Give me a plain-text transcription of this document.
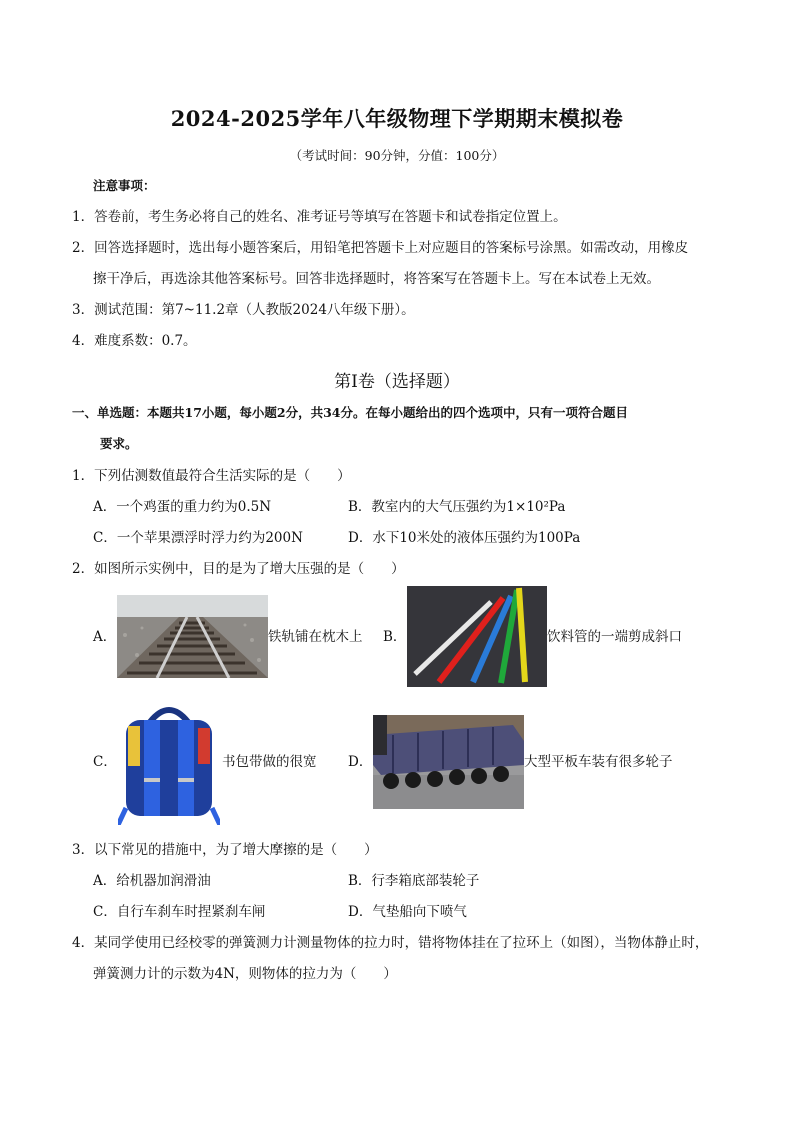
2024-2025学年八年级物理下学期期末模拟卷
（考试时间：90分钟，分值：100分）
注意事项：
1．答卷前，考生务必将自己的姓名、准考证号等填写在答题卡和试卷指定位置上。
2．回答选择题时，选出每小题答案后，用铅笔把答题卡上对应题目的答案标号涂黑。如需改动，用橡皮
擦干净后，再选涂其他答案标号。回答非选择题时，将答案写在答题卡上。写在本试卷上无效。
3．测试范围：第7~11.2章（人教版2024八年级下册）。
4．难度系数：0.7。
第Ⅰ卷（选择题）
一、单选题：本题共17小题，每小题2分，共34分。在每小题给出的四个选项中，只有一项符合题目
要求。
1．下列估测数值最符合生活实际的是（　　）
A．一个鸡蛋的重力约为0.5N	B．教室内的大气压强约为1×10²Pa
C．一个苹果漂浮时浮力约为200N	D．水下10米处的液体压强约为100Pa
2．如图所示实例中，目的是为了增大压强的是（　　）
A．	铁轨铺在枕木上 B．	饮料管的一端剪成斜口
C．	书包带做的很宽 D．	大型平板车装有很多轮子
3．以下常见的措施中，为了增大摩擦的是（　　）
A．给机器加润滑油	B．行李箱底部装轮子
C．自行车刹车时捏紧刹车闸	D．气垫船向下喷气
4．某同学使用已经校零的弹簧测力计测量物体的拉力时，错将物体挂在了拉环上（如图），当物体静止时，
弹簧测力计的示数为4N，则物体的拉力为（　　）
